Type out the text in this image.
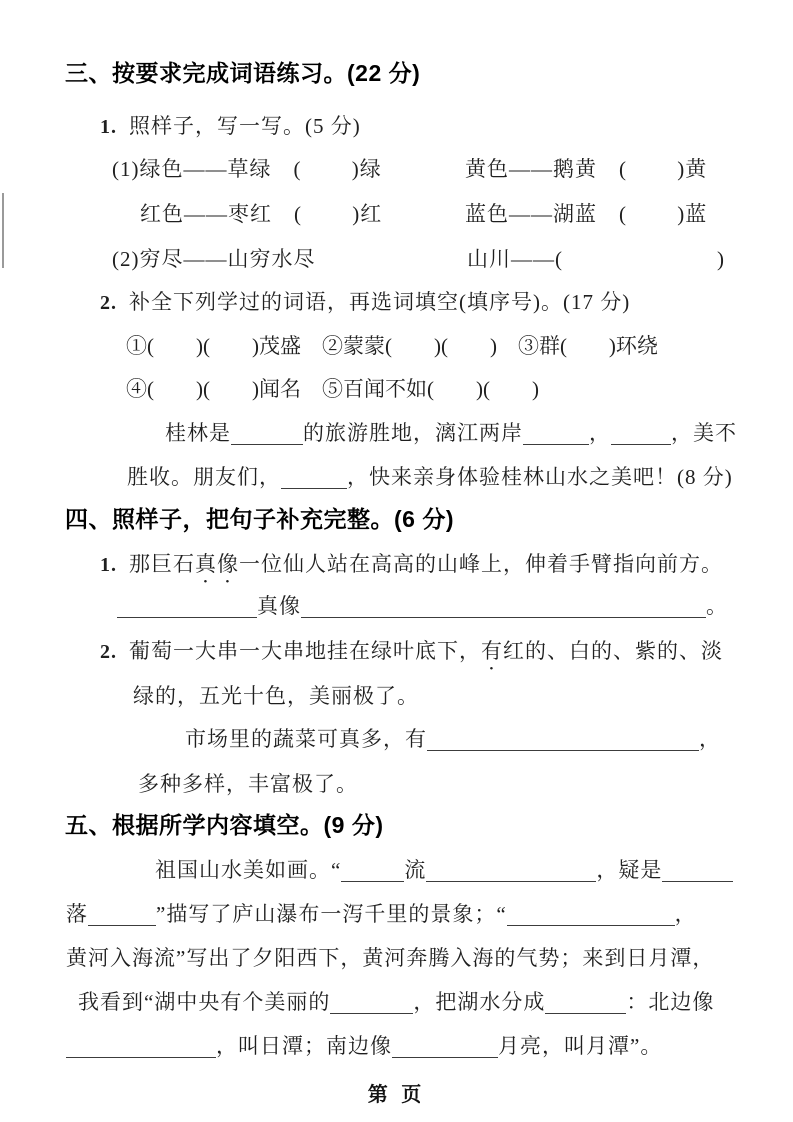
三、按要求完成词语练习。(22 分)
1. 照样子，写一写。(5 分)
(1)绿色——草绿　(　　 )绿	黄色——鹅黄　(　　 )黄
红色——枣红　(　　 )红	蓝色——湖蓝　(　　 )蓝
(2)穷尽——山穷水尽	山川——(　　　　　　　)
2. 补全下列学过的词语，再选词填空(填序号)。(17 分)
①(　　)(　　)茂盛　②蒙蒙(　　)(　　)　③群(　　)环绕
④(　　)(　　)闻名　⑤百闻不如(　　)(　　)
桂林是	的旅游胜地，漓江两岸	，	，美不
胜收。朋友们，	，快来亲身体验桂林山水之美吧！(8 分)
四、照样子，把句子补充完整。(6 分)
1. 那巨石真像一位仙人站在高高的山峰上，伸着手臂指向前方。
真像	。
2. 葡萄一大串一大串地挂在绿叶底下，有红的、白的、紫的、淡
绿的，五光十色，美丽极了。
市场里的蔬菜可真多，有	，
多种多样，丰富极了。
五、根据所学内容填空。(9 分)
祖国山水美如画。“	流	，疑是
落	”描写了庐山瀑布一泻千里的景象；“	，
黄河入海流”写出了夕阳西下，黄河奔腾入海的气势；来到日月潭，
我看到“湖中央有个美丽的	，把湖水分成	：北边像
，叫日潭；南边像	月亮，叫月潭”。
第 页
